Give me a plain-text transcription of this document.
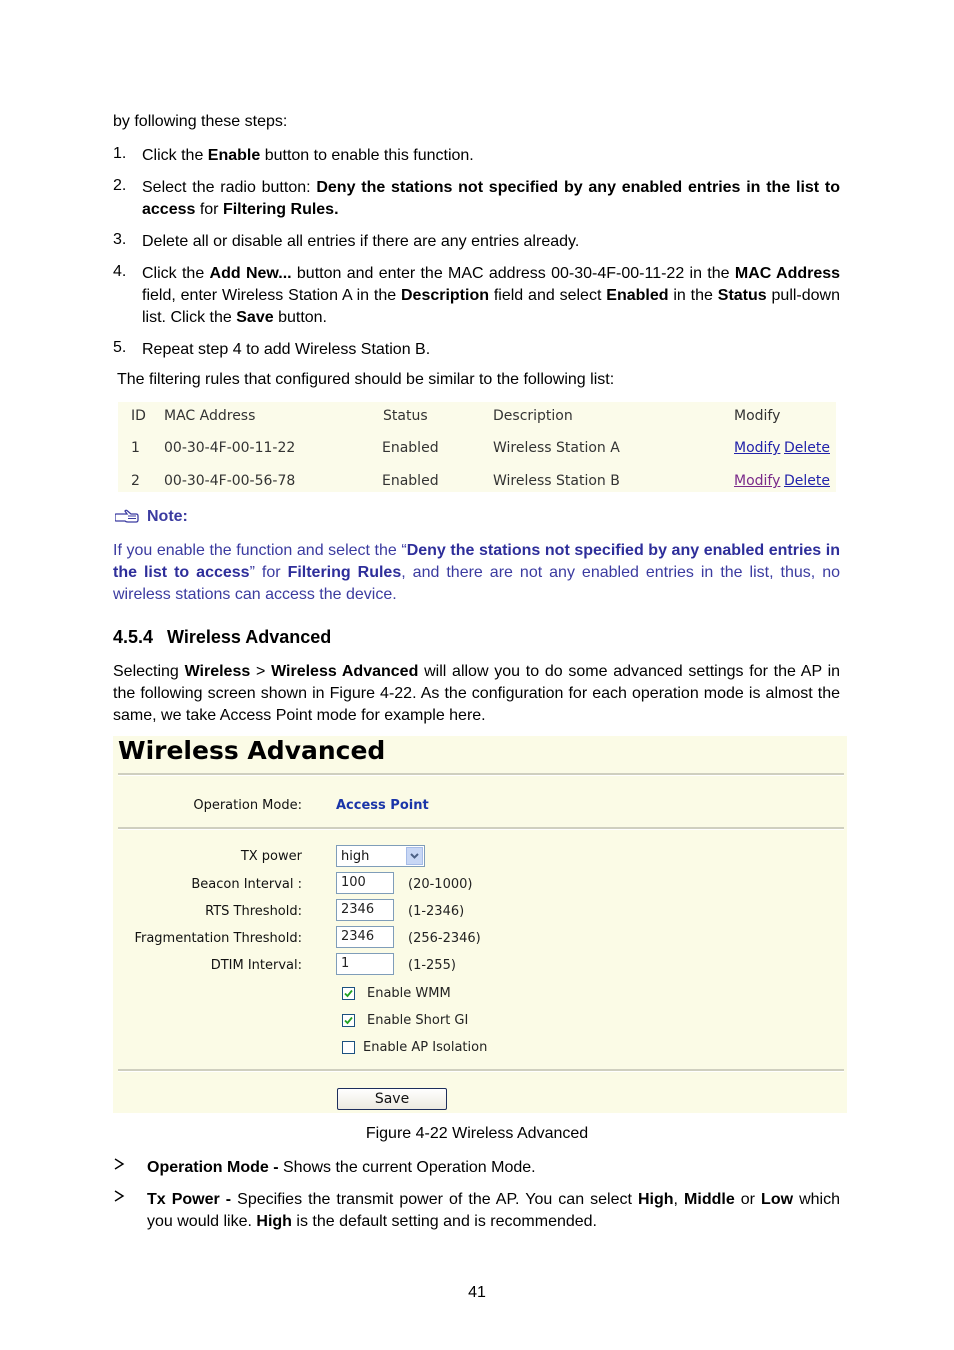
by following these steps:
1. Click the Enable button to enable this function.
2. Select the radio button: Deny the stations not specified by any enabled entries in the list to access for Filtering Rules.
3. Delete all or disable all entries if there are any entries already.
4. Click the Add New... button and enter the MAC address 00-30-4F-00-11-22 in the MAC Address field, enter Wireless Station A in the Description field and select Enabled in the Status pull-down list. Click the Save button.
5. Repeat step 4 to add Wireless Station B.
The filtering rules that configured should be similar to the following list:
ID MAC Address	Status	Description	Modify
1 00-30-4F-00-11-22	Enabled	Wireless Station A	Modify Delete
2 00-30-4F-00-56-78	Enabled	Wireless Station B	Modify Delete
Note:
If you enable the function and select the “Deny the stations not specified by any enabled entries in the list to access” for Filtering Rules, and there are not any enabled entries in the list, thus, no wireless stations can access the device.
4.5.4 Wireless Advanced
Selecting Wireless > Wireless Advanced will allow you to do some advanced settings for the AP in the following screen shown in Figure 4-22. As the configuration for each operation mode is almost the same, we take Access Point mode for example here.
Wireless Advanced
Operation Mode:	Access Point
TX power	high
Beacon Interval :	100	(20-1000)
RTS Threshold:	2346	(1-2346)
Fragmentation Threshold:	2346	(256-2346)
DTIM Interval:	1	(1-255)
Enable WMM
Enable Short GI
Enable AP Isolation
Save
Figure 4-22 Wireless Advanced
Operation Mode - Shows the current Operation Mode.
Tx Power - Specifies the transmit power of the AP. You can select High, Middle or Low which you would like. High is the default setting and is recommended.
41
